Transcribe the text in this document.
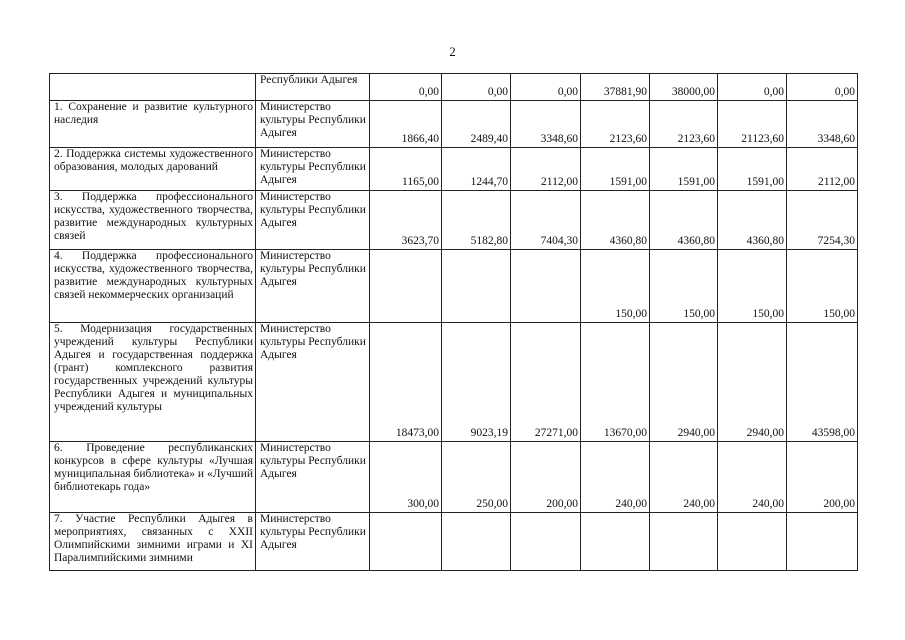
2
	Республики Адыгея	0,00	0,00	0,00	37881,90	38000,00	0,00	0,00
1. Сохранение и развитие культурного наследия	Министерство культуры Республики Адыгея	1866,40	2489,40	3348,60	2123,60	2123,60	21123,60	3348,60
2. Поддержка системы художественного образования, молодых дарований	Министерство культуры Республики Адыгея	1165,00	1244,70	2112,00	1591,00	1591,00	1591,00	2112,00
3. Поддержка профессионального искусства, художественного творчества, развитие международных культурных связей	Министерство культуры Республики Адыгея	3623,70	5182,80	7404,30	4360,80	4360,80	4360,80	7254,30
4. Поддержка профессионального искусства, художественного творчества, развитие международных культурных связей некоммерческих организаций	Министерство культуры Республики Адыгея				150,00	150,00	150,00	150,00
5. Модернизация государственных учреждений культуры Республики Адыгея и государственная поддержка (грант) комплексного развития государственных учреждений культуры Республики Адыгея и муниципальных учреждений культуры	Министерство культуры Республики Адыгея	18473,00	9023,19	27271,00	13670,00	2940,00	2940,00	43598,00
6. Проведение республиканских конкурсов в сфере культуры «Лучшая муниципальная библиотека» и «Лучший библиотекарь года»	Министерство культуры Республики Адыгея	300,00	250,00	200,00	240,00	240,00	240,00	200,00
7. Участие Республики Адыгея в мероприятиях, связанных с XXII Олимпийскими зимними играми и XI Паралимпийскими зимними	Министерство культуры Республики Адыгея							
